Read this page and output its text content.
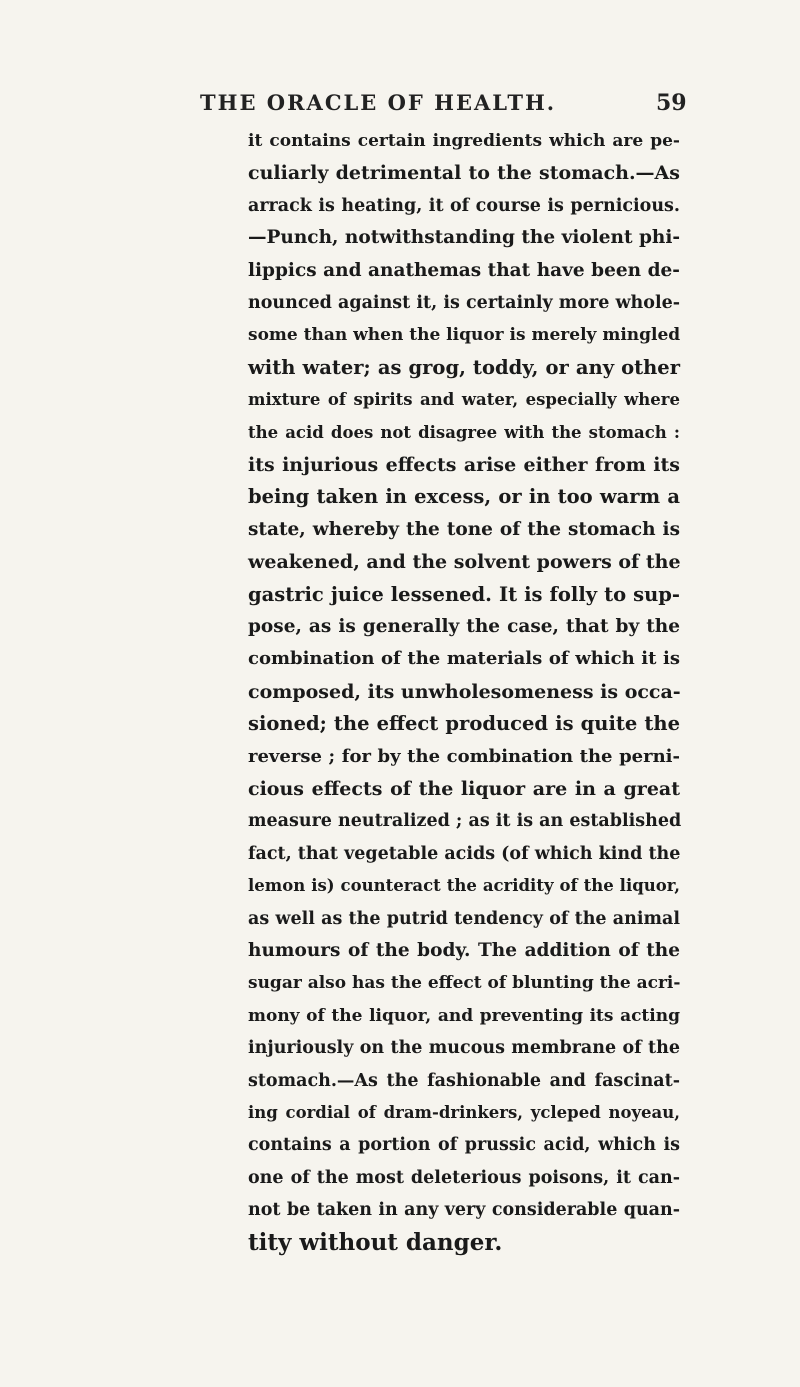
THE ORACLE OF HEALTH.	59
it contains certain ingredients which are pe-
culiarly detrimental to the stomach.—As
arrack is heating, it of course is pernicious.
—Punch, notwithstanding the violent phi-
lippics and anathemas that have been de-
nounced against it, is certainly more whole-
some than when the liquor is merely mingled
with water; as grog, toddy, or any other
mixture of spirits and water, especially where
the acid does not disagree with the stomach :
its injurious effects arise either from its
being taken in excess, or in too warm a
state, whereby the tone of the stomach is
weakened, and the solvent powers of the
gastric juice lessened. It is folly to sup-
pose, as is generally the case, that by the
combination of the materials of which it is
composed, its unwholesomeness is occa-
sioned; the effect produced is quite the
reverse ; for by the combination the perni-
cious effects of the liquor are in a great
measure neutralized ; as it is an established
fact, that vegetable acids (of which kind the
lemon is) counteract the acridity of the liquor,
as well as the putrid tendency of the animal
humours of the body. The addition of the
sugar also has the effect of blunting the acri-
mony of the liquor, and preventing its acting
injuriously on the mucous membrane of the
stomach.—As the fashionable and fascinat-
ing cordial of dram-drinkers, ycleped noyeau,
contains a portion of prussic acid, which is
one of the most deleterious poisons, it can-
not be taken in any very considerable quan-
tity without danger.
